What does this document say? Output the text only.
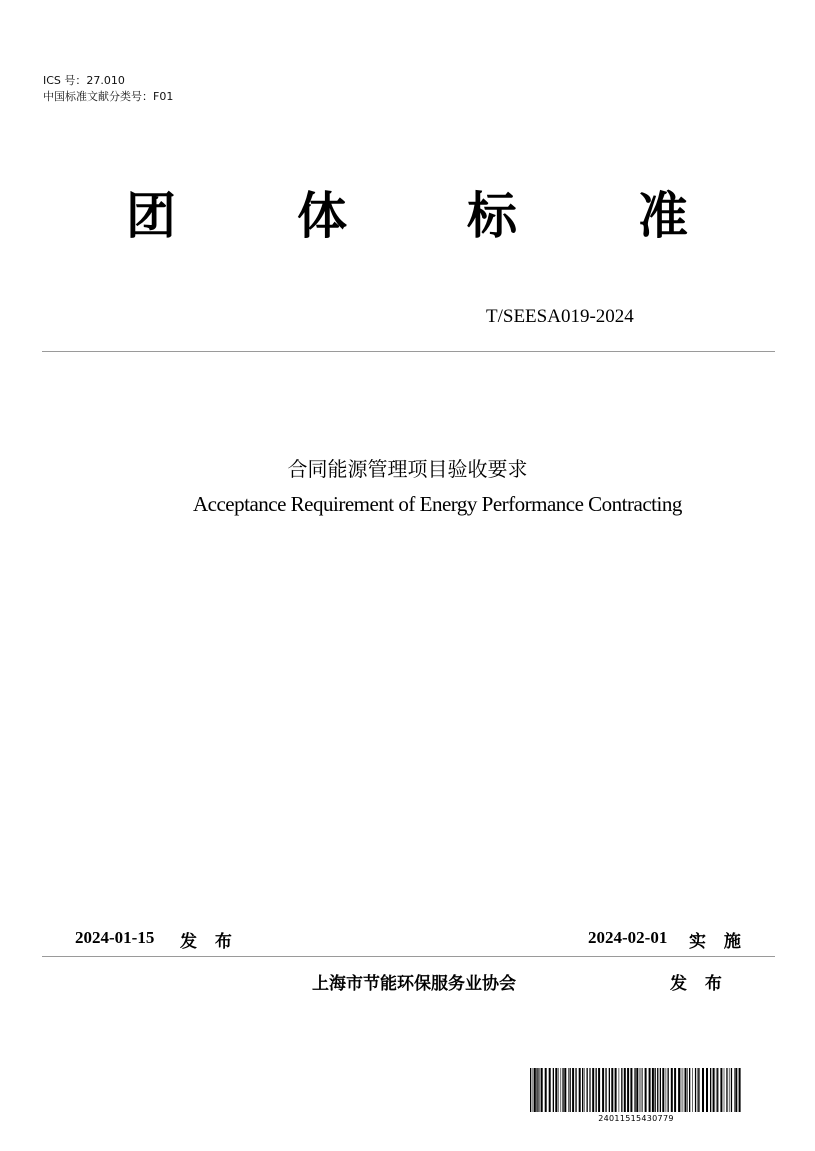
ICS 号：27.010
中国标准文献分类号：F01
团 体 标 准
T/SEESA019-2024
合同能源管理项目验收要求
Acceptance Requirement of Energy Performance Contracting
2024-01-15 发 布	2024-02-01 实 施
上海市节能环保服务业协会	发 布
24011515430779
